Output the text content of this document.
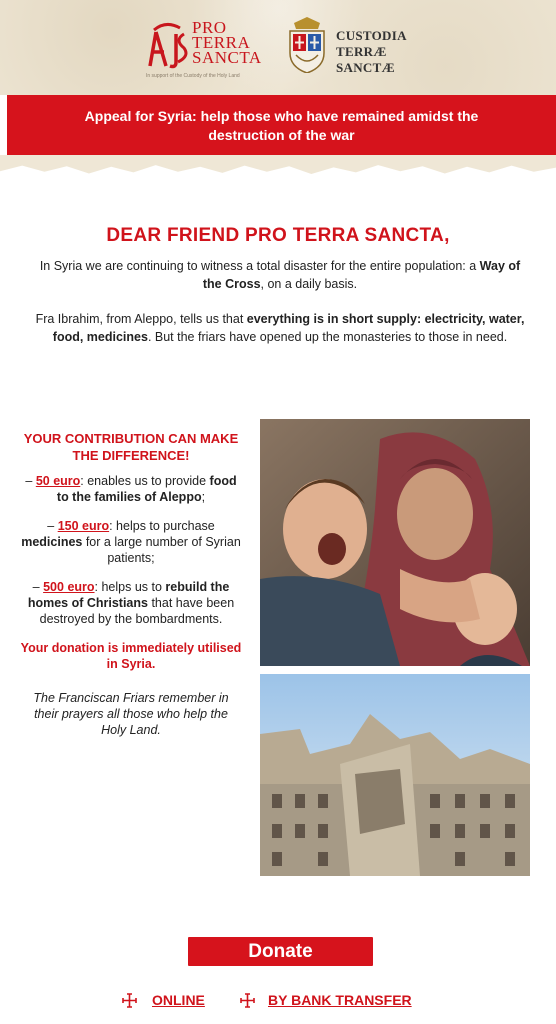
PRO
TERRA
SANCTA
In support of the Custody of the Holy Land
CUSTODIA
TERRÆ
SANCTÆ
Appeal for Syria: help those who have remained amidst the
destruction of the war
DEAR FRIEND PRO TERRA SANCTA,

In Syria we are continuing to witness a total disaster for the entire population: a Way of the Cross, on a daily basis.

Fra Ibrahim, from Aleppo, tells us that everything is in short supply: electricity, water, food, medicines. But the friars have opened up the monasteries to those in need.

YOUR CONTRIBUTION CAN MAKE THE DIFFERENCE!
– 50 euro: enables us to provide food to the families of Aleppo;
– 150 euro: helps to purchase medicines for a large number of Syrian patients;
– 500 euro: helps us to rebuild the homes of Christians that have been destroyed by the bombardments.
Your donation is immediately utilised in Syria.
The Franciscan Friars remember in their prayers all those who help the Holy Land.
Donate
ONLINE	BY BANK TRANSFER
